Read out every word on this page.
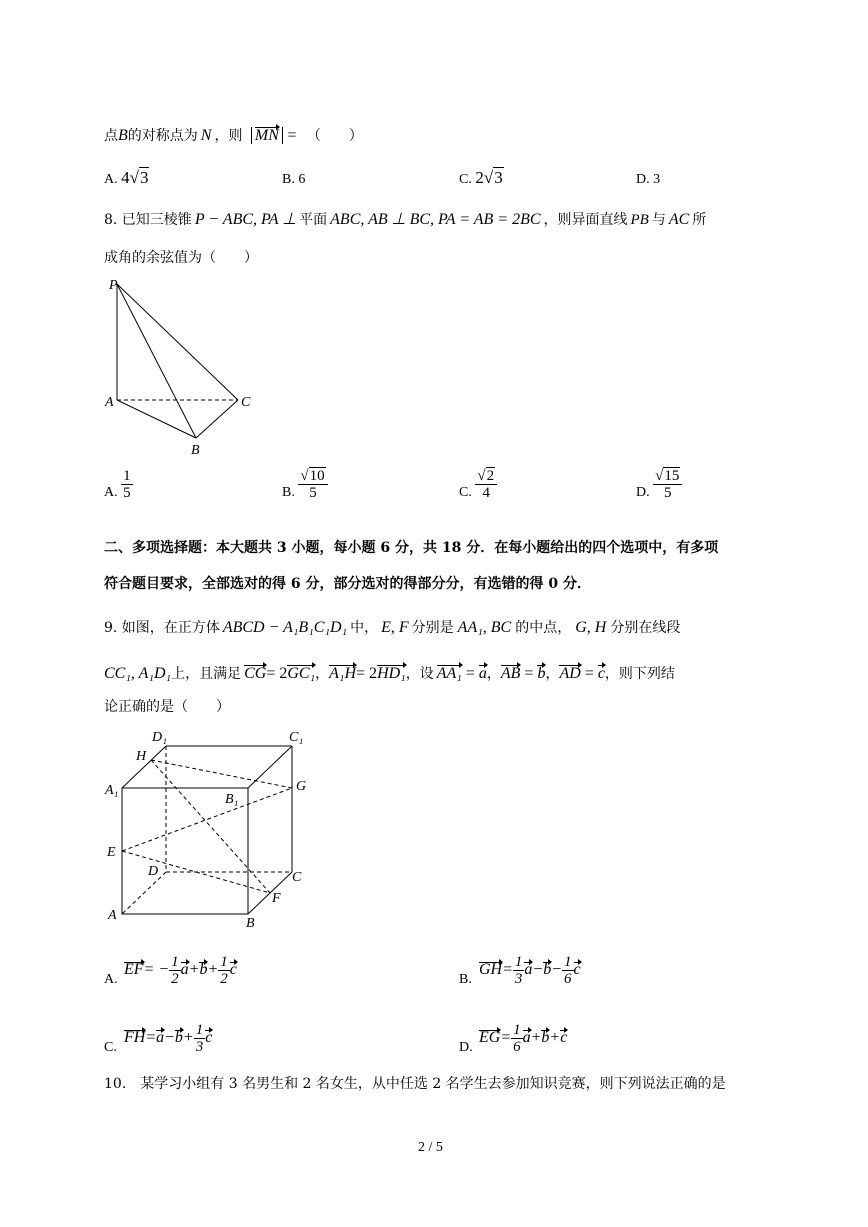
点B的对称点为 N ，则 MN = （　　）
A. 4√3	B. 6	C. 2√3	D. 3
8. 已知三棱锥 P − ABC, PA ⊥ 平面 ABC, AB ⊥ BC, PA = AB = 2BC ，则异面直线 PB 与 AC 所
成角的余弦值为（　　）
P
A	C
B
A. $\frac{1}{5}$	B. $\frac{√10}{5}$	C. $\frac{√2}{4}$	D. $\frac{√15}{5}$
二、多项选择题：本大题共 3 小题，每小题 6 分，共 18 分．在每小题给出的四个选项中，有多项
符合题目要求，全部选对的得 6 分，部分选对的得部分分，有选错的得 0 分．
9. 如图，在正方体 ABCD − A₁B₁C₁D₁ 中， E, F 分别是 AA₁, BC 的中点， G, H 分别在线段
CC₁, A₁D₁上，且满足 CG= 2GC₁，A₁H= 2HD₁，设 AA₁ = a，AB = b，AD = c，则下列结
论正确的是（　　）
D₁	C₁
H
G
A₁
B₁
E
D	C
F
A
B
A.
$EF= - \frac{1}{2} a+b+ \frac{1}{2}$ c
B.
$GH= \frac{1}{3} a-b- \frac{1}{6}$ c
C.
$FH=a-b+ \frac{1}{3}$ c
D.
$EG= \frac{1}{6} a+b+c$
10.　某学习小组有 3 名男生和 2 名女生，从中任选 2 名学生去参加知识竞赛，则下列说法正确的是
2 / 5
